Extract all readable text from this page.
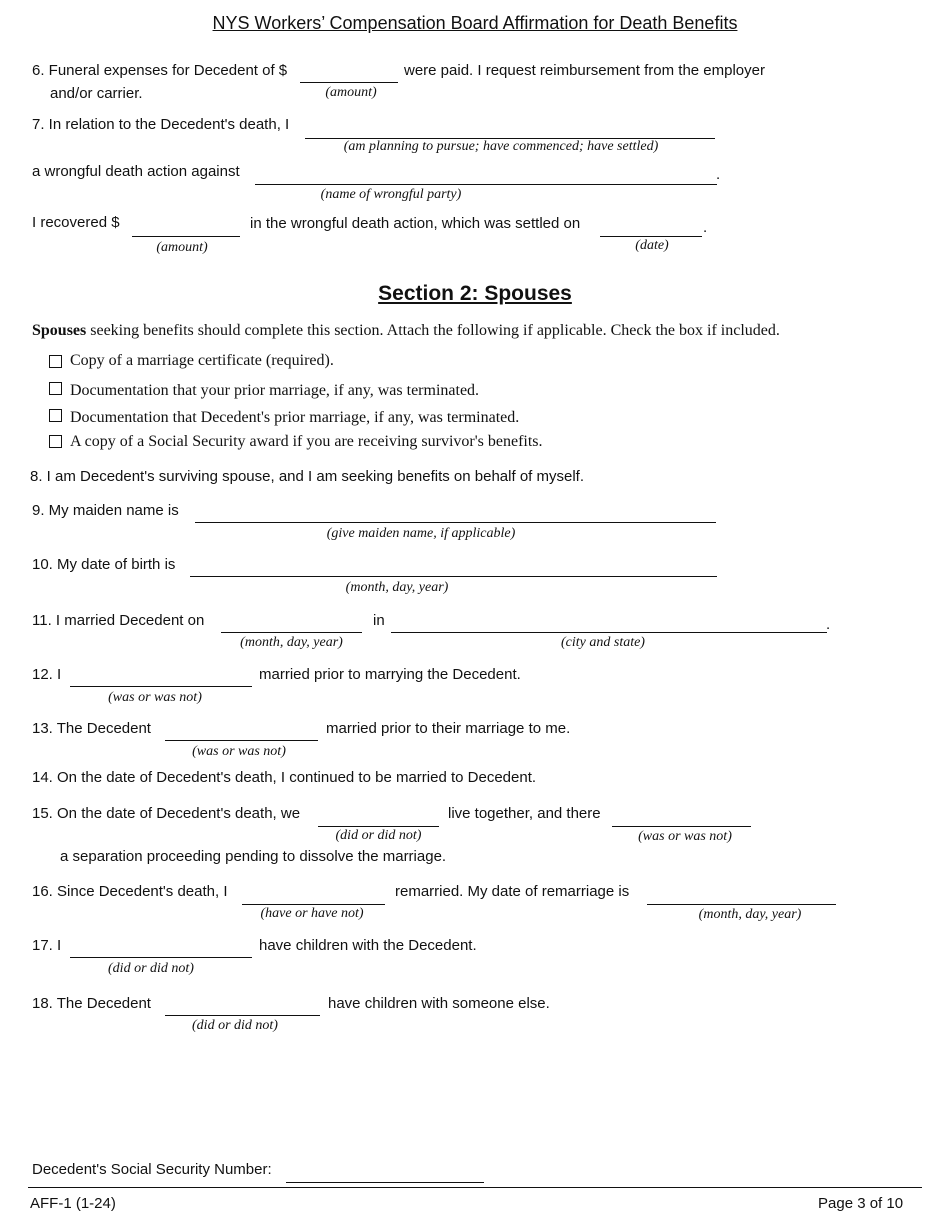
NYS Workers’ Compensation Board Affirmation for Death Benefits
6. Funeral expenses for Decedent of $	were paid. I request reimbursement from the employer
and/or carrier.	(amount)
7. In relation to the Decedent's death, I
(am planning to pursue; have commenced; have settled)
a wrongful death action against	.
(name of wrongful party)
I recovered $	in the wrongful death action, which was settled on	.
(amount)	(date)
Section 2: Spouses
Spouses seeking benefits should complete this section. Attach the following if applicable. Check the box if included.
Copy of a marriage certificate (required).
Documentation that your prior marriage, if any, was terminated.
Documentation that Decedent's prior marriage, if any, was terminated.
A copy of a Social Security award if you are receiving survivor's benefits.
8. I am Decedent's surviving spouse, and I am seeking benefits on behalf of myself.
9. My maiden name is
(give maiden name, if applicable)
10. My date of birth is
(month, day, year)
11. I married Decedent on	in	.
(month, day, year)	(city and state)
12. I	married prior to marrying the Decedent.
(was or was not)
13. The Decedent	married prior to their marriage to me.
(was or was not)
14. On the date of Decedent's death, I continued to be married to Decedent.
15. On the date of Decedent's death, we	live together, and there
(did or did not)	(was or was not)
a separation proceeding pending to dissolve the marriage.
16. Since Decedent's death, I	remarried. My date of remarriage is
(have or have not)	(month, day, year)
17. I	have children with the Decedent.
(did or did not)
18. The Decedent	have children with someone else.
(did or did not)
Decedent's Social Security Number:
AFF-1 (1-24)	Page 3 of 10
